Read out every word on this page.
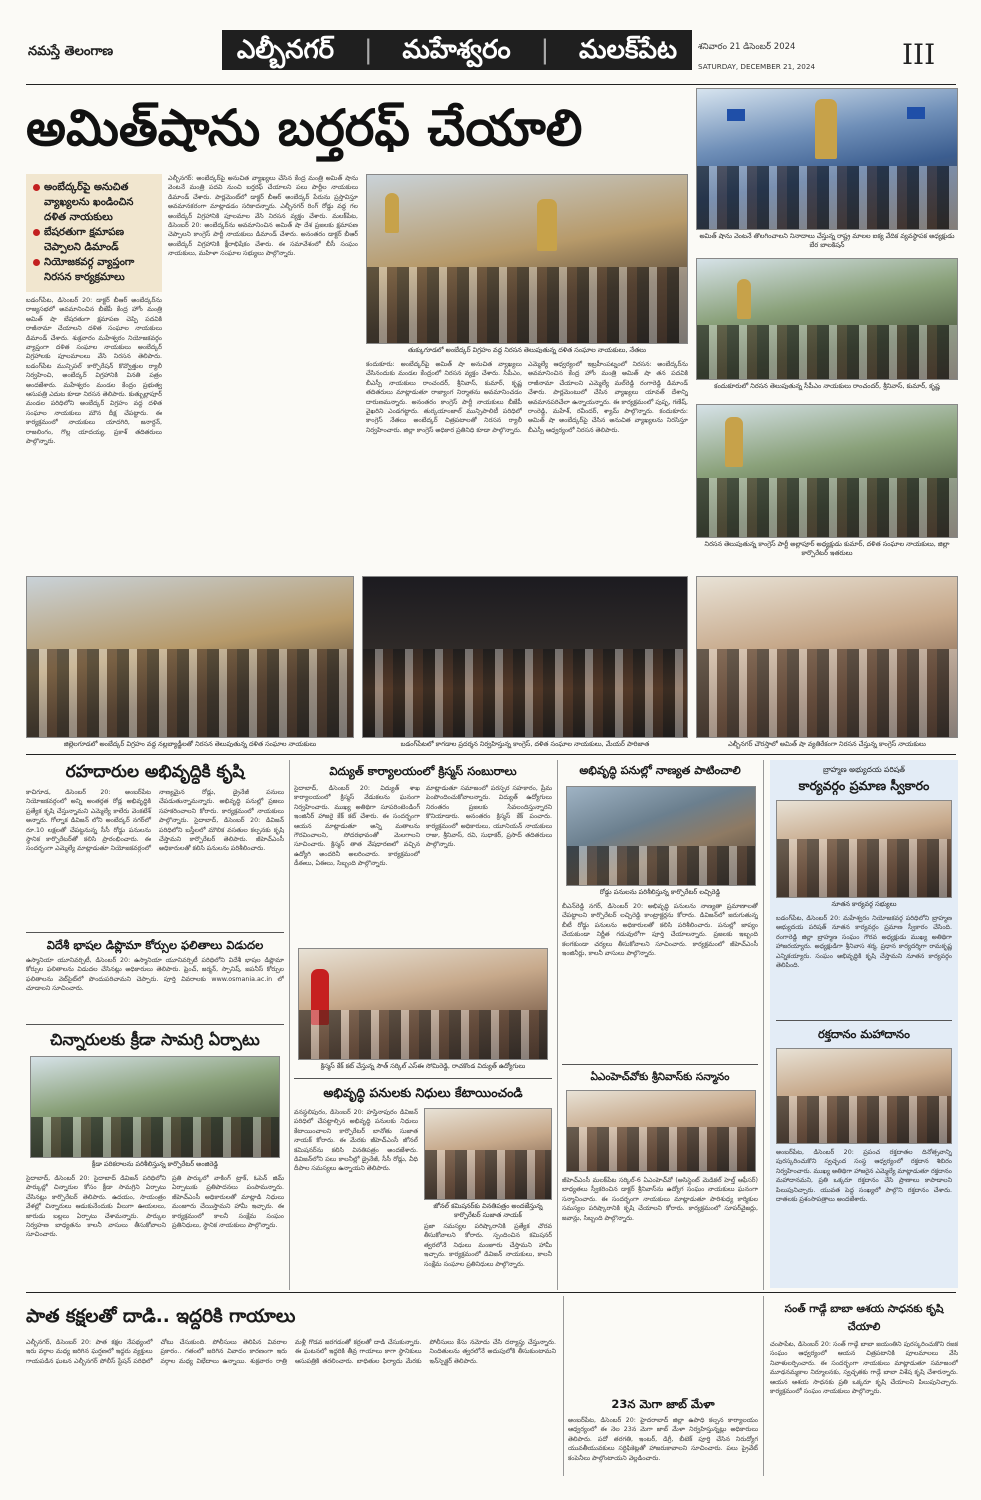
నమస్తే తెలంగాణ	ఎల్బీనగర్ | మహేశ్వరం | మలక్‌పేట శనివారం 21 డిసెంబర్ 2024
SATURDAY, DECEMBER 21, 2024	III
అమిత్‌షాను బర్తరఫ్ చేయాలి
అంబేద్కర్‌పై అనుచిత వ్యాఖ్యలను ఖండించిన దళిత నాయకులు
బేషరతుగా క్షమాపణ చెప్పాలని డిమాండ్
నియోజకవర్గ వ్యాప్తంగా నిరసన కార్యక్రమాలు
బడంగ్‌పేట, డిసెంబర్ 20: డాక్టర్ బీఆర్ అంబేద్కర్‌ను రాజ్యసభలో అవమానించిన బీజేపీ కేంద్ర హోం మంత్రి అమిత్ షా బేషరతుగా క్షమాపణ చెప్పి పదవికి రాజీనామా చేయాలని దళిత సంఘాల నాయకులు డిమాండ్ చేశారు. శుక్రవారం మహేశ్వరం నియోజకవర్గం వ్యాప్తంగా దళిత సంఘాల నాయకులు అంబేద్కర్ విగ్రహాలకు పూలమాలలు వేసి నిరసన తెలిపారు. బడంగ్‌పేట మున్సిపల్ కార్పొరేషన్ కొవ్వొత్తుల ర్యాలీ నిర్వహించి, అంబేద్కర్ విగ్రహానికి వినతి పత్రం అందజేశారు. మహేశ్వరం మండల కేంద్రం ప్రభుత్వ ఆసుపత్రి ఎదుట కూడా నిరసన తెలిపారు. కుత్బుల్లాపూర్ మండల పరిధిలోని అంబేద్కర్ విగ్రహం వద్ద దళిత సంఘాల నాయకులు మౌన దీక్ష చేపట్టారు. ఈ కార్యక్రమంలో నాయకులు యాదగిరి, జనార్దన్, రాజలింగం, గొల్ల యాదయ్య, ప్రకాశ్ తదితరులు పాల్గొన్నారు.
ఎల్బీనగర్: అంబేద్కర్‌పై అనుచిత వ్యాఖ్యలు చేసిన కేంద్ర మంత్రి అమిత్ షాను వెంటనే మంత్రి పదవి నుంచి బర్తరఫ్ చేయాలని పలు పార్టీల నాయకులు డిమాండ్ చేశారు. పార్లమెంట్‌లో డాక్టర్ బీఆర్ అంబేద్కర్ పేరును ప్రస్తావిస్తూ అవమానకరంగా మాట్లాడడం సరికాదన్నారు. ఎల్బీనగర్ రింగ్ రోడ్డు వద్ద గల అంబేద్కర్ విగ్రహానికి పూలమాల వేసి నిరసన వ్యక్తం చేశారు. మలక్‌పేట, డిసెంబర్ 20: అంబేద్కర్‌ను అవమానించిన అమిత్ షా దేశ ప్రజలకు క్షమాపణ చెప్పాలని కాంగ్రెస్ పార్టీ నాయకులు డిమాండ్ చేశారు. అనంతరం డాక్టర్ బీఆర్ అంబేద్కర్ విగ్రహానికి క్షీరాభిషేకం చేశారు. ఈ సమావేశంలో బీసీ సంఘం నాయకులు, మహిళా సంఘాల సభ్యులు పాల్గొన్నారు.
తుక్కుగూడలో అంబేద్కర్ విగ్రహం వద్ద నిరసన తెలుపుతున్న దళిత సంఘాల నాయకులు, నేతలు
కందుకూరు: అంబేద్కర్‌పై అమిత్ షా అనుచిత వ్యాఖ్యలు చేసినందుకు మండల కేంద్రంలో నిరసన వ్యక్తం చేశారు. సీపీఎం, బీఎస్పీ నాయకులు రాంచందర్, శ్రీనివాస్, కుమార్, కృష్ణ తదితరులు మాట్లాడుతూ రాజ్యాంగ నిర్మాతను అవమానించడం దారుణమన్నారు. అనంతరం కాంగ్రెస్ పార్టీ నాయకులు బీజేపీ వైఖరిని ఎండగట్టారు. తుర్కయాంజాల్ మున్సిపాలిటీ పరిధిలో కాంగ్రెస్ నేతలు అంబేద్కర్ చిత్రపటాలతో నిరసన ర్యాలీ నిర్వహించారు. జిల్లా కాంగ్రెస్ అధికార ప్రతినిధి కూడా పాల్గొన్నారు.
ఎమ్మెల్యే ఆధ్వర్యంలో ఇబ్రహీంపట్నంలో నిరసన: అంబేద్కర్‌ను అవమానించిన కేంద్ర హోం మంత్రి అమిత్ షా తన పదవికి రాజీనామా చేయాలని ఎమ్మెల్యే మల్‌రెడ్డి రంగారెడ్డి డిమాండ్ చేశారు. పార్లమెంటులో చేసిన వ్యాఖ్యలు యావత్ దేశాన్ని అవమానపరిచేలా ఉన్నాయన్నారు. ఈ కార్యక్రమంలో పుష్ప, గణేష్, రాంరెడ్డి, మహేశ్, రవీందర్, శ్యామ్ పాల్గొన్నారు. కందుకూరు: అమిత్ షా అంబేద్కర్‌పై చేసిన అనుచిత వ్యాఖ్యలను నిరసిస్తూ బీఎస్పీ ఆధ్వర్యంలో నిరసన తెలిపారు.
అమిత్ షాను వెంటనే తొలగించాలని నినాదాలు చేస్తున్న రాష్ట్ర మాలల ఐక్య వేదిక వ్యవస్థాపక అధ్యక్షుడు బేర బాలకిషన్
కందుకూరులో నిరసన తెలుపుతున్న సీపీఎం నాయకులు రాంచందర్, శ్రీనివాస్, కుమార్, కృష్ణ
నిరసన తెలుపుతున్న కాంగ్రెస్ పార్టీ అల్లాపూర్ అధ్యక్షుడు కుమార్, దళిత సంఘాల నాయకులు, జిల్లా కార్పొరేటర్ ఇతరులు
జిల్లెలగూడలో అంబేద్కర్ విగ్రహం వద్ద నల్లబ్యాడ్జీలతో నిరసన తెలుపుతున్న దళిత సంఘాల నాయకులు	బడంగ్‌పేటలో కాగడాల ప్రదర్శన నిర్వహిస్తున్న కాంగ్రెస్, దళిత సంఘాల నాయకులు, మేయర్ పారిజాత	ఎల్బీనగర్ చౌరస్తాలో అమిత్ షా వ్యతిరేకంగా నిరసన చేస్తున్న కాంగ్రెస్ నాయకులు
రహదారుల అభివృద్ధికి కృషి
కాచిగూడ, డిసెంబర్ 20: అంబర్‌పేట నియోజకవర్గంలో అన్ని అంతర్గత రోడ్ల అభివృద్ధికి ప్రత్యేక కృషి చేస్తున్నామని ఎమ్మెల్యే కాలేరు వెంకటేశ్ అన్నారు. గోల్నాక డివిజన్ లోని అంబేద్కర్ నగర్‌లో రూ.10 లక్షలతో చేపట్టనున్న సీసీ రోడ్డు పనులను స్థానిక కార్పొరేటర్‌తో కలిసి ప్రారంభించారు. ఈ సందర్భంగా ఎమ్మెల్యే మాట్లాడుతూ నియోజకవర్గంలో నాణ్యమైన రోడ్లు, డ్రైనేజీ పనులు చేపడుతున్నామన్నారు. అభివృద్ధి పనుల్లో ప్రజలు సహకరించాలని కోరారు. కార్యక్రమంలో నాయకులు పాల్గొన్నారు. సైదాబాద్, డిసెంబర్ 20: డివిజన్ పరిధిలోని బస్తీలలో మౌలిక వసతుల కల్పనకు కృషి చేస్తామని కార్పొరేటర్ తెలిపారు. జీహెచ్ఎంసీ అధికారులతో కలిసి పనులను పరిశీలించారు.
విదేశీ భాషల డిప్లొమా కోర్సుల ఫలితాలు విడుదల
ఉస్మానియా యూనివర్సిటీ, డిసెంబర్ 20: ఉస్మానియా యూనివర్సిటీ పరిధిలోని విదేశీ భాషల డిప్లొమా కోర్సుల ఫలితాలను విడుదల చేసినట్లు అధికారులు తెలిపారు. ఫ్రెంచ్, జర్మన్, స్పానిష్, జపనీస్ కోర్సుల ఫలితాలను వెబ్‌సైట్‌లో పొందుపరిచామని చెప్పారు. పూర్తి వివరాలకు www.osmania.ac.in లో చూడాలని సూచించారు.
చిన్నారులకు క్రీడా సామగ్రి ఏర్పాటు
క్రీడా పరికరాలను పరిశీలిస్తున్న కార్పొరేటర్ అంజిరెడ్డి
సైదాబాద్, డిసెంబర్ 20: సైదాబాద్ డివిజన్ పరిధిలోని పార్కుల్లో చిన్నారుల కోసం క్రీడా సామగ్రిని ఏర్పాటు చేసినట్లు కార్పొరేటర్ తెలిపారు. ఉదయం, సాయంత్రం వేళల్లో చిన్నారులు ఆడుకునేందుకు వీలుగా ఊయలలు, జారుడు బల్లలు ఏర్పాటు చేశామన్నారు. పార్కుల నిర్వహణ బాధ్యతను కాలనీ వాసులు తీసుకోవాలని సూచించారు.
ప్రతి పార్కులో వాకింగ్ ట్రాక్, ఓపెన్ జిమ్ ఏర్పాటుకు ప్రతిపాదనలు పంపామన్నారు. జీహెచ్ఎంసీ అధికారులతో మాట్లాడి నిధులు మంజూరు చేయిస్తామని హామీ ఇచ్చారు. ఈ కార్యక్రమంలో కాలనీ సంక్షేమ సంఘం ప్రతినిధులు, స్థానిక నాయకులు పాల్గొన్నారు.
విద్యుత్ కార్యాలయంలో క్రిస్మస్ సంబురాలు
సైదాబాద్, డిసెంబర్ 20: విద్యుత్ శాఖ కార్యాలయంలో క్రిస్మస్ వేడుకలను ఘనంగా నిర్వహించారు. ముఖ్య అతిథిగా సూపరింటెండింగ్ ఇంజినీర్ హాజరై కేక్ కట్ చేశారు. ఈ సందర్భంగా ఆయన మాట్లాడుతూ అన్ని మతాలను గౌరవించాలని, సోదరభావంతో మెలగాలని సూచించారు. క్రిస్మస్ తాత వేషధారణలో వచ్చిన ఉద్యోగి అందరినీ అలరించారు. కార్యక్రమంలో డీఈలు, ఏఈలు, సిబ్బంది పాల్గొన్నారు.
మాట్లాడుతూ సమాజంలో పరస్పర సహకారం, ప్రేమ పెంపొందించుకోవాలన్నారు. విద్యుత్ ఉద్యోగులు నిరంతరం ప్రజలకు సేవలందిస్తున్నారని కొనియాడారు. అనంతరం క్రిస్మస్ కేక్ పంచారు. కార్యక్రమంలో అధికారులు, యూనియన్ నాయకులు రాజు, శ్రీనివాస్, రవి, సుధాకర్, ప్రసాద్ తదితరులు పాల్గొన్నారు.
క్రిస్మస్ కేక్ కట్ చేస్తున్న సౌత్ సర్కిల్ ఎస్‌ఈ సోమిరెడ్డి, రాచకొండ విద్యుత్ ఉద్యోగులు
అభివృద్ధి పనులకు నిధులు కేటాయించండి
వనస్థలిపురం, డిసెంబర్ 20: హస్తినాపురం డివిజన్ పరిధిలో చేపట్టాల్సిన అభివృద్ధి పనులకు నిధులు కేటాయించాలని కార్పొరేటర్ బానోతు సుజాత నాయక్ కోరారు. ఈ మేరకు జీహెచ్ఎంసీ జోనల్ కమిషనర్‌ను కలిసి వినతిపత్రం అందజేశారు. డివిజన్‌లోని పలు కాలనీల్లో డ్రైనేజీ, సీసీ రోడ్లు, వీధి దీపాల సమస్యలు ఉన్నాయని తెలిపారు.
జోనల్ కమిషనర్‌కు వినతిపత్రం అందజేస్తున్న కార్పొరేటర్ సుజాత నాయక్
ప్రజా సమస్యల పరిష్కారానికి ప్రత్యేక చొరవ తీసుకోవాలని కోరారు. స్పందించిన కమిషనర్ త్వరలోనే నిధులు మంజూరు చేస్తామని హామీ ఇచ్చారు. కార్యక్రమంలో డివిజన్ నాయకులు, కాలనీ సంక్షేమ సంఘాల ప్రతినిధులు పాల్గొన్నారు.
అభివృద్ధి పనుల్లో నాణ్యత పాటించాలి
రోడ్డు పనులను పరిశీలిస్తున్న కార్పొరేటర్ లచ్చిరెడ్డి
బీఎన్‌రెడ్డి నగర్, డిసెంబర్ 20: అభివృద్ధి పనులను నాణ్యతా ప్రమాణాలతో చేపట్టాలని కార్పొరేటర్ లచ్చిరెడ్డి కాంట్రాక్టర్లను కోరారు. డివిజన్‌లో జరుగుతున్న బీటీ రోడ్డు పనులను అధికారులతో కలిసి పరిశీలించారు. పనుల్లో జాప్యం చేయకుండా నిర్ణీత గడువులోగా పూర్తి చేయాలన్నారు. ప్రజలకు ఇబ్బంది కలగకుండా చర్యలు తీసుకోవాలని సూచించారు. కార్యక్రమంలో జీహెచ్ఎంసీ ఇంజినీర్లు, కాలనీ వాసులు పాల్గొన్నారు.
ఏఎంహెచ్‌వోకు శ్రీనివాస్‌కు సన్మానం
జీహెచ్ఎంసీ మలక్‌పేట సర్కిల్-6 ఏఎంహెచ్‌వో (అసిస్టెంట్ మెడికల్ హెల్త్ ఆఫీసర్) బాధ్యతలు స్వీకరించిన డాక్టర్ శ్రీనివాస్‌ను ఉద్యోగ సంఘం నాయకులు ఘనంగా సన్మానించారు. ఈ సందర్భంగా నాయకులు మాట్లాడుతూ పారిశుధ్య కార్మికుల సమస్యల పరిష్కారానికి కృషి చేయాలని కోరారు. కార్యక్రమంలో సూపర్‌వైజర్లు, జవాన్లు, సిబ్బంది పాల్గొన్నారు.
బ్రాహ్మణ అభ్యుదయ పరిషత్
కార్యవర్గం ప్రమాణ స్వీకారం
నూతన కార్యవర్గ సభ్యులు
బడంగ్‌పేట, డిసెంబర్ 20: మహేశ్వరం నియోజకవర్గ పరిధిలోని బ్రాహ్మణ అభ్యుదయ పరిషత్ నూతన కార్యవర్గం ప్రమాణ స్వీకారం చేసింది. రంగారెడ్డి జిల్లా బ్రాహ్మణ సంఘం గౌరవ అధ్యక్షుడు ముఖ్య అతిథిగా హాజరయ్యారు. అధ్యక్షుడిగా శ్రీనివాస శర్మ, ప్రధాన కార్యదర్శిగా రామకృష్ణ ఎన్నికయ్యారు. సంఘం అభివృద్ధికి కృషి చేస్తామని నూతన కార్యవర్గం తెలిపింది.
రక్తదానం మహాదానం
అంబర్‌పేట, డిసెంబర్ 20: ప్రపంచ రక్తదాతల దినోత్సవాన్ని పురస్కరించుకొని స్వచ్ఛంద సంస్థ ఆధ్వర్యంలో రక్తదాన శిబిరం నిర్వహించారు. ముఖ్య అతిథిగా హాజరైన ఎమ్మెల్యే మాట్లాడుతూ రక్తదానం మహాదానమని, ప్రతి ఒక్కరూ రక్తదానం చేసి ప్రాణాలు కాపాడాలని పిలుపునిచ్చారు. యువత పెద్ద సంఖ్యలో పాల్గొని రక్తదానం చేశారు. దాతలకు ప్రశంసాపత్రాలు అందజేశారు.
పాత కక్షలతో దాడి.. ఇద్దరికి గాయాలు
ఎల్బీనగర్, డిసెంబర్ 20: పాత కక్షల నేపథ్యంలో ఇరు వర్గాల మధ్య జరిగిన ఘర్షణలో ఇద్దరు వ్యక్తులు గాయపడిన ఘటన ఎల్బీనగర్ పోలీస్ స్టేషన్ పరిధిలో చోటు చేసుకుంది. పోలీసులు తెలిపిన వివరాల ప్రకారం.. గతంలో జరిగిన వివాదం కారణంగా ఇరు వర్గాల మధ్య విభేదాలు ఉన్నాయి. శుక్రవారం రాత్రి మళ్లీ గొడవ జరగడంతో కర్రలతో దాడి చేసుకున్నారు. ఈ ఘటనలో ఇద్దరికి తీవ్ర గాయాలు కాగా స్థానికులు ఆసుపత్రికి తరలించారు. బాధితుల ఫిర్యాదు మేరకు పోలీసులు కేసు నమోదు చేసి దర్యాప్తు చేస్తున్నారు. నిందితులను త్వరలోనే అదుపులోకి తీసుకుంటామని ఇన్‌స్పెక్టర్ తెలిపారు.
23న మెగా జాబ్ మేళా
అంబర్‌పేట, డిసెంబర్ 20: హైదరాబాద్ జిల్లా ఉపాధి కల్పన కార్యాలయం ఆధ్వర్యంలో ఈ నెల 23న మెగా జాబ్ మేళా నిర్వహిస్తున్నట్లు అధికారులు తెలిపారు. పదో తరగతి, ఇంటర్, డిగ్రీ, బీటెక్ పూర్తి చేసిన నిరుద్యోగ యువతీయువకులు సర్టిఫికెట్లతో హాజరుకావాలని సూచించారు. పలు ప్రైవేట్ కంపెనీలు పాల్గొంటాయని వెల్లడించారు.
సంత్ గాడ్గే బాబా ఆశయ సాధనకు కృషి చేయాలి
చంపాపేట, డిసెంబర్ 20: సంత్ గాడ్గే బాబా జయంతిని పురస్కరించుకొని రజక సంఘం ఆధ్వర్యంలో ఆయన చిత్రపటానికి పూలమాలలు వేసి నివాళులర్పించారు. ఈ సందర్భంగా నాయకులు మాట్లాడుతూ సమాజంలో మూఢనమ్మకాల నిర్మూలనకు, స్వచ్ఛతకు గాడ్గే బాబా విశేష కృషి చేశారన్నారు. ఆయన ఆశయ సాధనకు ప్రతి ఒక్కరూ కృషి చేయాలని పిలుపునిచ్చారు. కార్యక్రమంలో సంఘం నాయకులు పాల్గొన్నారు.
